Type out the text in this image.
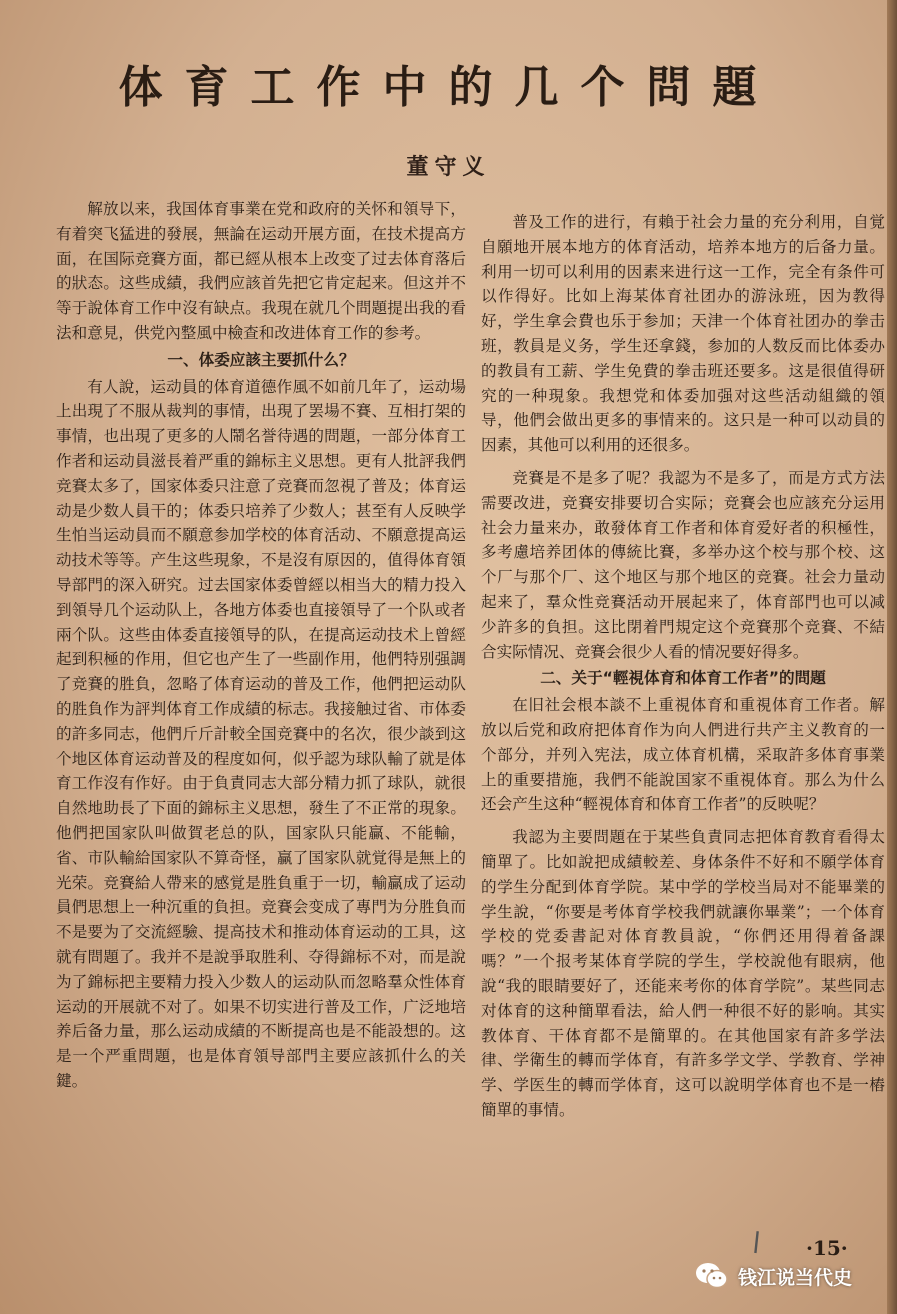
体育工作中的几个問題
董守义

解放以来，我国体育事業在党和政府的关怀和領导下，有着突飞猛进的發展，無論在运动开展方面，在技术提高方面，在国际竞賽方面，都已經从根本上改变了过去体育落后的狀态。这些成績，我們应該首先把它肯定起来。但这并不等于說体育工作中沒有缺点。我現在就几个問題提出我的看法和意見，供党內整風中檢查和改进体育工作的参考。

一、体委应該主要抓什么？

有人說，运动員的体育道德作風不如前几年了，运动場上出現了不服从裁判的事情，出現了罢場不賽、互相打架的事情，也出現了更多的人鬧名誉待遇的問題，一部分体育工作者和运动員滋長着严重的錦标主义思想。更有人批評我們竞賽太多了，国家体委只注意了竞賽而忽視了普及；体育运动是少数人員干的；体委只培养了少数人；甚至有人反映学生怕当运动員而不願意参加学校的体育活动、不願意提高运动技术等等。产生这些現象，不是沒有原因的，值得体育領导部門的深入研究。过去国家体委曾經以相当大的精力投入到領导几个运动队上，各地方体委也直接領导了一个队或者兩个队。这些由体委直接領导的队，在提高运动技术上曾經起到积極的作用，但它也产生了一些副作用，他們特別强調了竞賽的胜負，忽略了体育运动的普及工作，他們把运动队的胜負作为評判体育工作成績的标志。我接触过省、市体委的許多同志，他們斤斤計較全国竞賽中的名次，很少談到这个地区体育运动普及的程度如何，似乎認为球队輸了就是体育工作沒有作好。由于負責同志大部分精力抓了球队，就很自然地助長了下面的錦标主义思想，發生了不正常的現象。他們把国家队叫做賀老总的队，国家队只能贏、不能輸，省、市队輸給国家队不算奇怪，贏了国家队就覚得是無上的光荣。竞賽給人帶来的感覚是胜負重于一切，輸贏成了运动員們思想上一种沉重的負担。竞賽会变成了專門为分胜負而不是要为了交流經驗、提高技术和推动体育运动的工具，这就有問題了。我并不是說爭取胜利、夺得錦标不对，而是說为了錦标把主要精力投入少数人的运动队而忽略羣众性体育运动的开展就不对了。如果不切实进行普及工作，广泛地培养后备力量，那么运动成績的不断提高也是不能設想的。这是一个严重問題，也是体育領导部門主要应該抓什么的关鍵。

普及工作的进行，有賴于社会力量的充分利用，自覚自願地开展本地方的体育活动，培养本地方的后备力量。利用一切可以利用的因素来进行这一工作，完全有条件可以作得好。比如上海某体育社团办的游泳班，因为教得好，学生拿会費也乐于参加；天津一个体育社团办的拳击班，教員是义务，学生还拿錢，参加的人数反而比体委办的教員有工薪、学生免費的拳击班还要多。这是很值得研究的一种現象。我想党和体委加强对这些活动組織的領导，他們会做出更多的事情来的。这只是一种可以动員的因素，其他可以利用的还很多。

竞賽是不是多了呢？我認为不是多了，而是方式方法需要改进，竞賽安排要切合实际；竞賽会也应該充分运用社会力量来办，敢發体育工作者和体育爱好者的积極性，多考慮培养团体的傳統比賽，多举办这个校与那个校、这个厂与那个厂、这个地区与那个地区的竞賽。社会力量动起来了，羣众性竞賽活动开展起来了，体育部門也可以减少許多的負担。这比閉着門規定这个竞賽那个竞賽、不結合实际情况、竞賽会很少人看的情况要好得多。

二、关于“輕視体育和体育工作者”的問題

在旧社会根本談不上重視体育和重視体育工作者。解放以后党和政府把体育作为向人們进行共产主义教育的一个部分，并列入宪法，成立体育机構，采取許多体育事業上的重要措施，我們不能說国家不重視体育。那么为什么还会产生这种“輕視体育和体育工作者”的反映呢？

我認为主要問題在于某些負責同志把体育教育看得太簡單了。比如說把成績較差、身体条件不好和不願学体育的学生分配到体育学院。某中学的学校当局对不能畢業的学生說，“你要是考体育学校我們就讓你畢業”；一个体育学校的党委書記对体育教員說，“你們还用得着备課嗎？”一个报考某体育学院的学生，学校說他有眼病，他說“我的眼睛要好了，还能来考你的体育学院”。某些同志对体育的这种簡單看法，給人們一种很不好的影响。其实教体育、干体育都不是簡單的。在其他国家有許多学法律、学衛生的轉而学体育，有許多学文学、学教育、学神学、学医生的轉而学体育，这可以說明学体育也不是一樁簡單的事情。

ǀ ·15·
钱江说当代史
